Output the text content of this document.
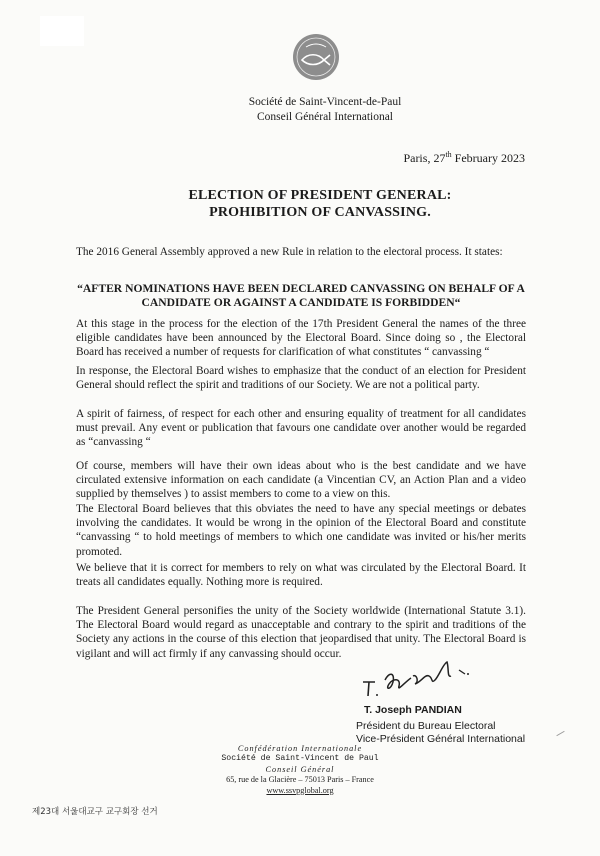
Société de Saint-Vincent-de-Paul
Conseil Général International
Paris, 27th February 2023
ELECTION OF PRESIDENT GENERAL:
PROHIBITION OF CANVASSING.
The 2016 General Assembly approved a new Rule in relation to the electoral process. It states:
“AFTER NOMINATIONS HAVE BEEN DECLARED CANVASSING ON BEHALF OF A CANDIDATE OR AGAINST A CANDIDATE IS FORBIDDEN“
At this stage in the process for the election of the 17th President General the names of the three eligible candidates have been announced by the Electoral Board. Since doing so , the Electoral Board has received a number of requests for clarification of what constitutes “ canvassing “
In response, the Electoral Board wishes to emphasize that the conduct of an election for President General should reflect the spirit and traditions of our Society. We are not a political party.
A spirit of fairness, of respect for each other and ensuring equality of treatment for all candidates must prevail. Any event or publication that favours one candidate over another would be regarded as “canvassing “
Of course, members will have their own ideas about who is the best candidate and we have circulated extensive information on each candidate (a Vincentian CV, an Action Plan and a video supplied by themselves ) to assist members to come to a view on this.
The Electoral Board believes that this obviates the need to have any special meetings or debates involving the candidates. It would be wrong in the opinion of the Electoral Board and constitute “canvassing “ to hold meetings of members to which one candidate was invited or his/her merits promoted.
We believe that it is correct for members to rely on what was circulated by the Electoral Board. It treats all candidates equally. Nothing more is required.
The President General personifies the unity of the Society worldwide (International Statute 3.1). The Electoral Board would regard as unacceptable and contrary to the spirit and traditions of the Society any actions in the course of this election that jeopardised that unity. The Electoral Board is vigilant and will act firmly if any canvassing should occur.
T. Joseph PANDIAN
Président du Bureau Electoral
Vice-Président Général International
Confédération Internationale
Société de Saint-Vincent de Paul
Conseil Général
65, rue de la Glacière – 75013 Paris – France
www.ssvpglobal.org
제23대 서울대교구 교구회장 선거
